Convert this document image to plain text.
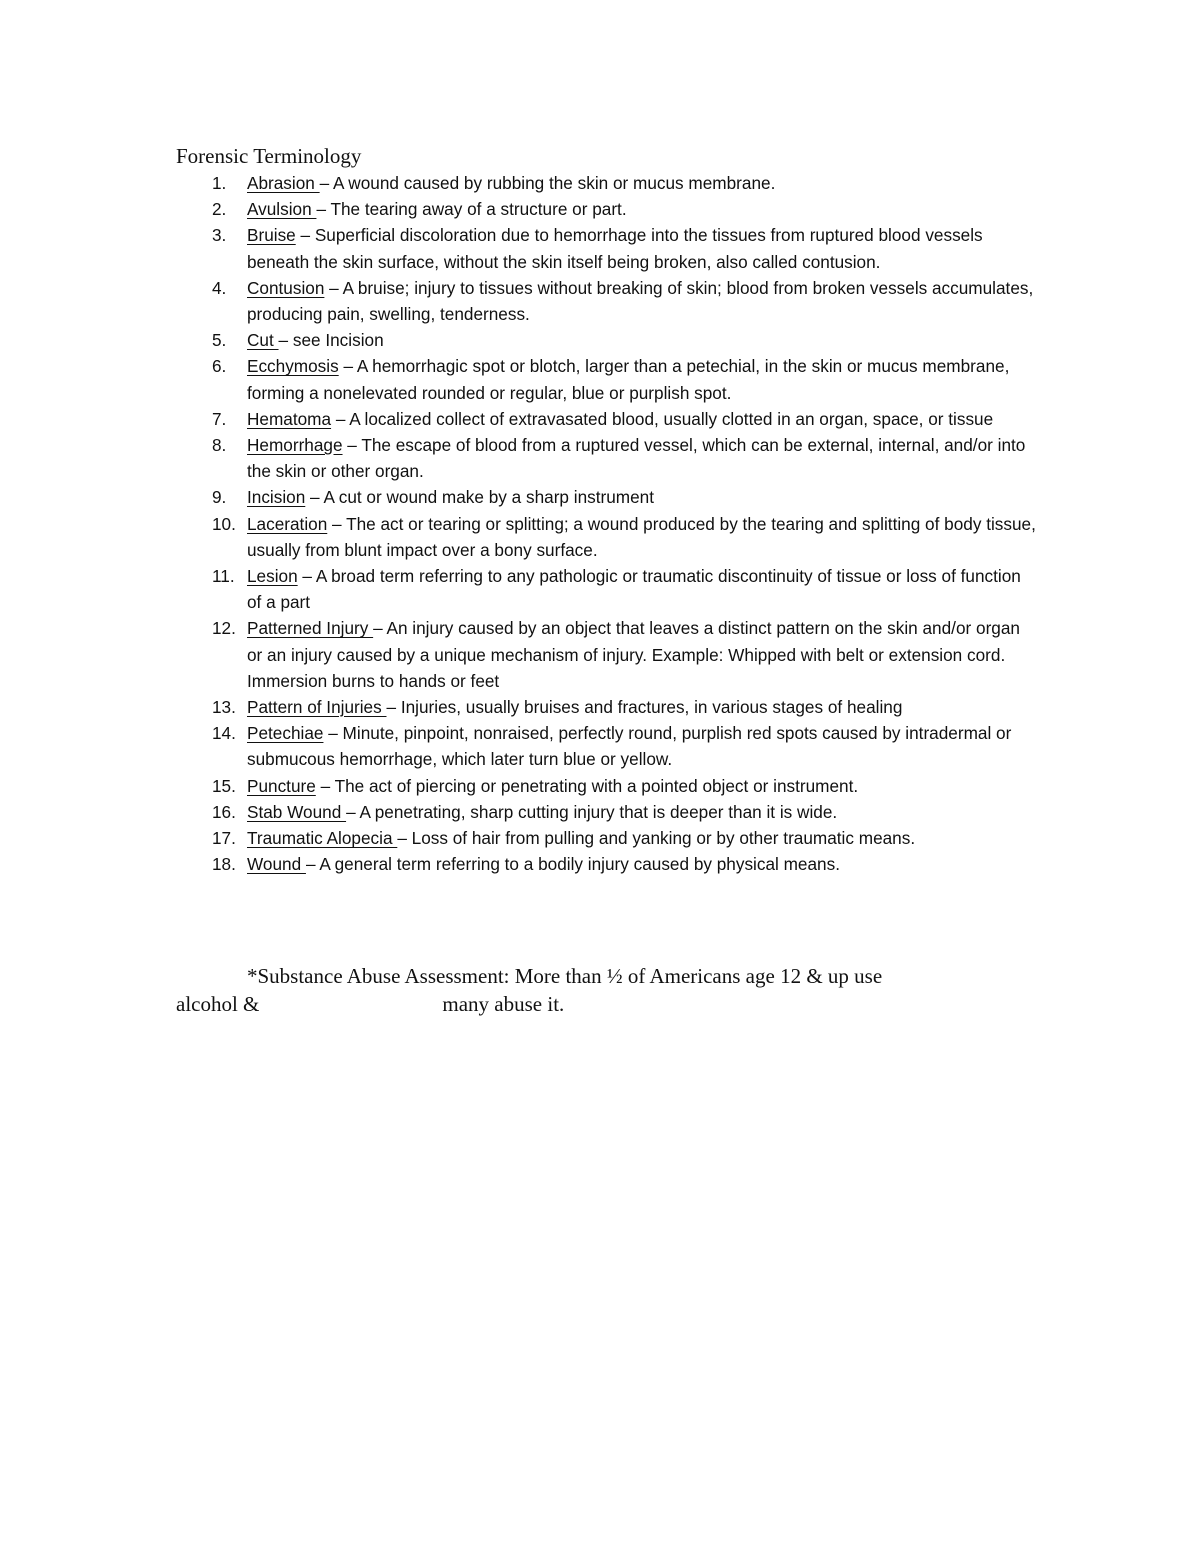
Forensic Terminology
1. Abrasion – A wound caused by rubbing the skin or mucus membrane.
2. Avulsion – The tearing away of a structure or part.
3. Bruise – Superficial discoloration due to hemorrhage into the tissues from ruptured blood vessels beneath the skin surface, without the skin itself being broken, also called contusion.
4. Contusion – A bruise; injury to tissues without breaking of skin; blood from broken vessels accumulates, producing pain, swelling, tenderness.
5. Cut – see Incision
6. Ecchymosis – A hemorrhagic spot or blotch, larger than a petechial, in the skin or mucus membrane, forming a nonelevated rounded or regular, blue or purplish spot.
7. Hematoma – A localized collect of extravasated blood, usually clotted in an organ, space, or tissue
8. Hemorrhage – The escape of blood from a ruptured vessel, which can be external, internal, and/or into the skin or other organ.
9. Incision – A cut or wound make by a sharp instrument
10. Laceration – The act or tearing or splitting; a wound produced by the tearing and splitting of body tissue, usually from blunt impact over a bony surface.
11. Lesion – A broad term referring to any pathologic or traumatic discontinuity of tissue or loss of function of a part
12. Patterned Injury – An injury caused by an object that leaves a distinct pattern on the skin and/or organ or an injury caused by a unique mechanism of injury. Example: Whipped with belt or extension cord. Immersion burns to hands or feet
13. Pattern of Injuries – Injuries, usually bruises and fractures, in various stages of healing
14. Petechiae – Minute, pinpoint, nonraised, perfectly round, purplish red spots caused by intradermal or submucous hemorrhage, which later turn blue or yellow.
15. Puncture – The act of piercing or penetrating with a pointed object or instrument.
16. Stab Wound – A penetrating, sharp cutting injury that is deeper than it is wide.
17. Traumatic Alopecia – Loss of hair from pulling and yanking or by other traumatic means.
18. Wound – A general term referring to a bodily injury caused by physical means.

*Substance Abuse Assessment: More than ½ of Americans age 12 & up use
alcohol &	many abuse it.
